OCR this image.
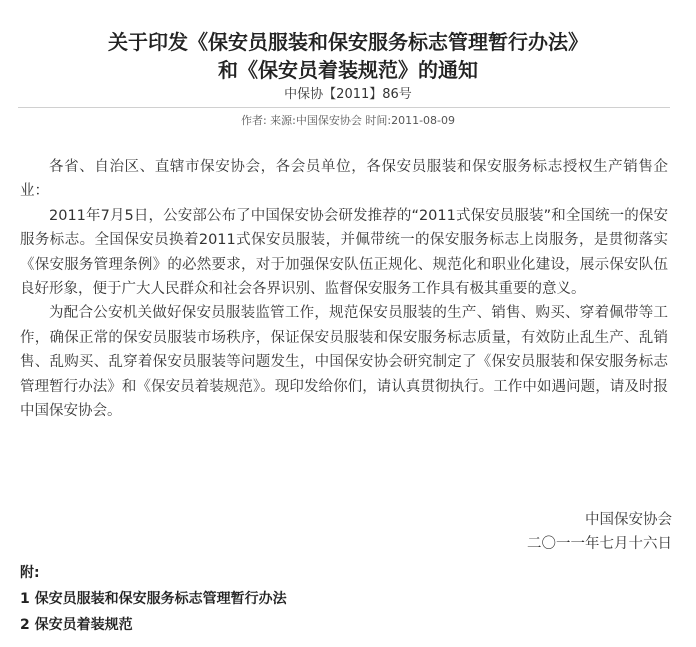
关于印发《保安员服装和保安服务标志管理暂行办法》
和《保安员着装规范》的通知
中保协【2011】86号
作者: 来源:中国保安协会 时间:2011-08-09

各省、自治区、直辖市保安协会，各会员单位，各保安员服装和保安服务标志授权生产销售企业：

2011年7月5日，公安部公布了中国保安协会研发推荐的“2011式保安员服装”和全国统一的保安服务标志。全国保安员换着2011式保安员服装，并佩带统一的保安服务标志上岗服务，是贯彻落实《保安服务管理条例》的必然要求，对于加强保安队伍正规化、规范化和职业化建设，展示保安队伍良好形象，便于广大人民群众和社会各界识别、监督保安服务工作具有极其重要的意义。

为配合公安机关做好保安员服装监管工作，规范保安员服装的生产、销售、购买、穿着佩带等工作，确保正常的保安员服装市场秩序，保证保安员服装和保安服务标志质量，有效防止乱生产、乱销售、乱购买、乱穿着保安员服装等问题发生，中国保安协会研究制定了《保安员服装和保安服务标志管理暂行办法》和《保安员着装规范》。现印发给你们，请认真贯彻执行。工作中如遇问题，请及时报中国保安协会。

中国保安协会
二〇一一年七月十六日
附:
1 保安员服装和保安服务标志管理暂行办法
2 保安员着装规范
